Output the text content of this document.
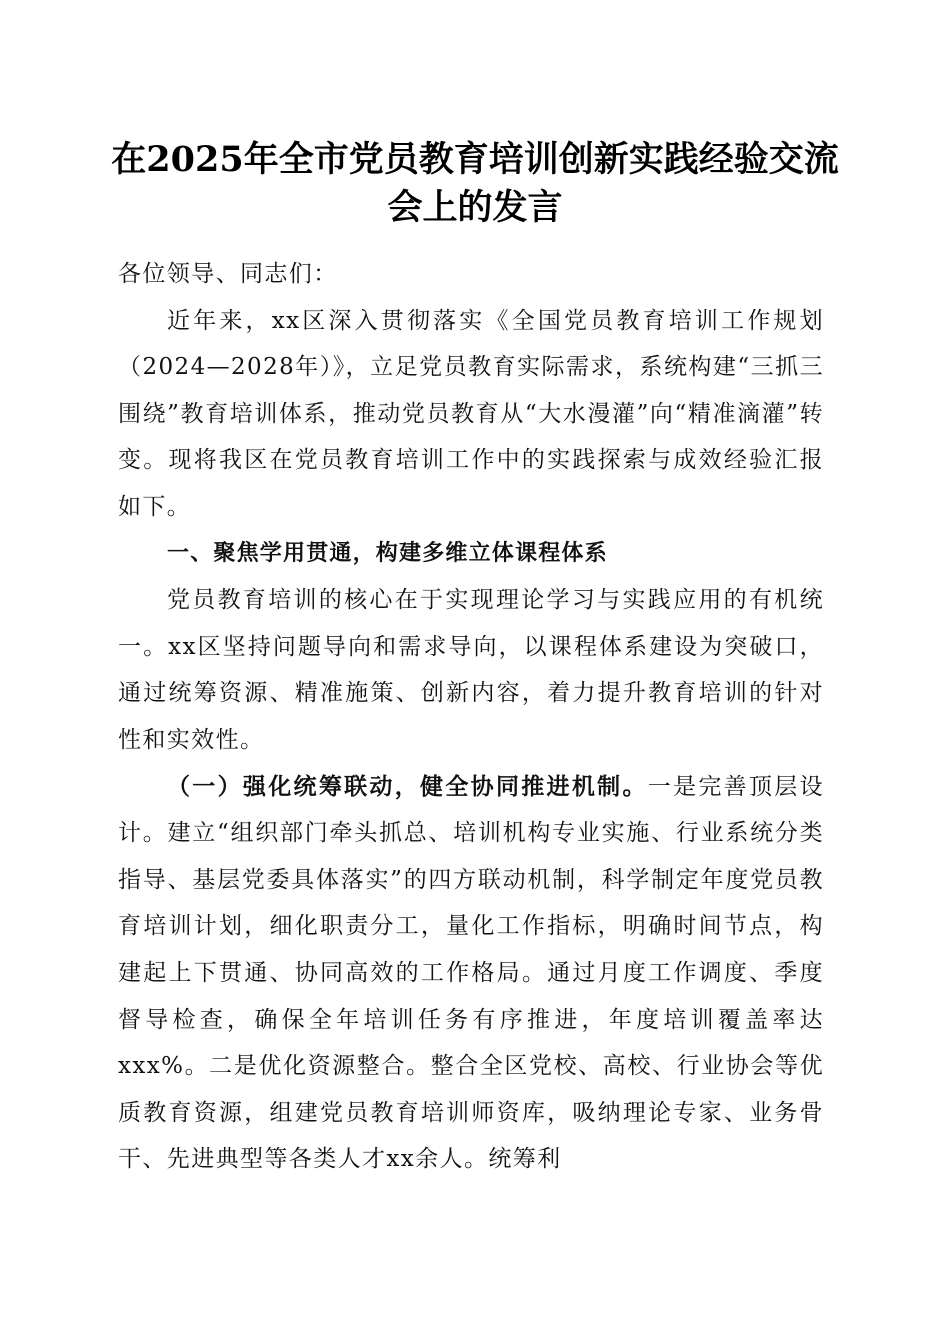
在2025年全市党员教育培训创新实践经验交流会上的发言

各位领导、同志们：

近年来，xx区深入贯彻落实《全国党员教育培训工作规划（2024—2028年）》，立足党员教育实际需求，系统构建“三抓三围绕”教育培训体系，推动党员教育从“大水漫灌”向“精准滴灌”转变。现将我区在党员教育培训工作中的实践探索与成效经验汇报如下。

一、聚焦学用贯通，构建多维立体课程体系

党员教育培训的核心在于实现理论学习与实践应用的有机统一。xx区坚持问题导向和需求导向，以课程体系建设为突破口，通过统筹资源、精准施策、创新内容，着力提升教育培训的针对性和实效性。

（一）强化统筹联动，健全协同推进机制。一是完善顶层设计。建立“组织部门牵头抓总、培训机构专业实施、行业系统分类指导、基层党委具体落实”的四方联动机制，科学制定年度党员教育培训计划，细化职责分工，量化工作指标，明确时间节点，构建起上下贯通、协同高效的工作格局。通过月度工作调度、季度督导检查，确保全年培训任务有序推进，年度培训覆盖率达xxx%。二是优化资源整合。整合全区党校、高校、行业协会等优质教育资源，组建党员教育培训师资库，吸纳理论专家、业务骨干、先进典型等各类人才xx余人。统筹利
